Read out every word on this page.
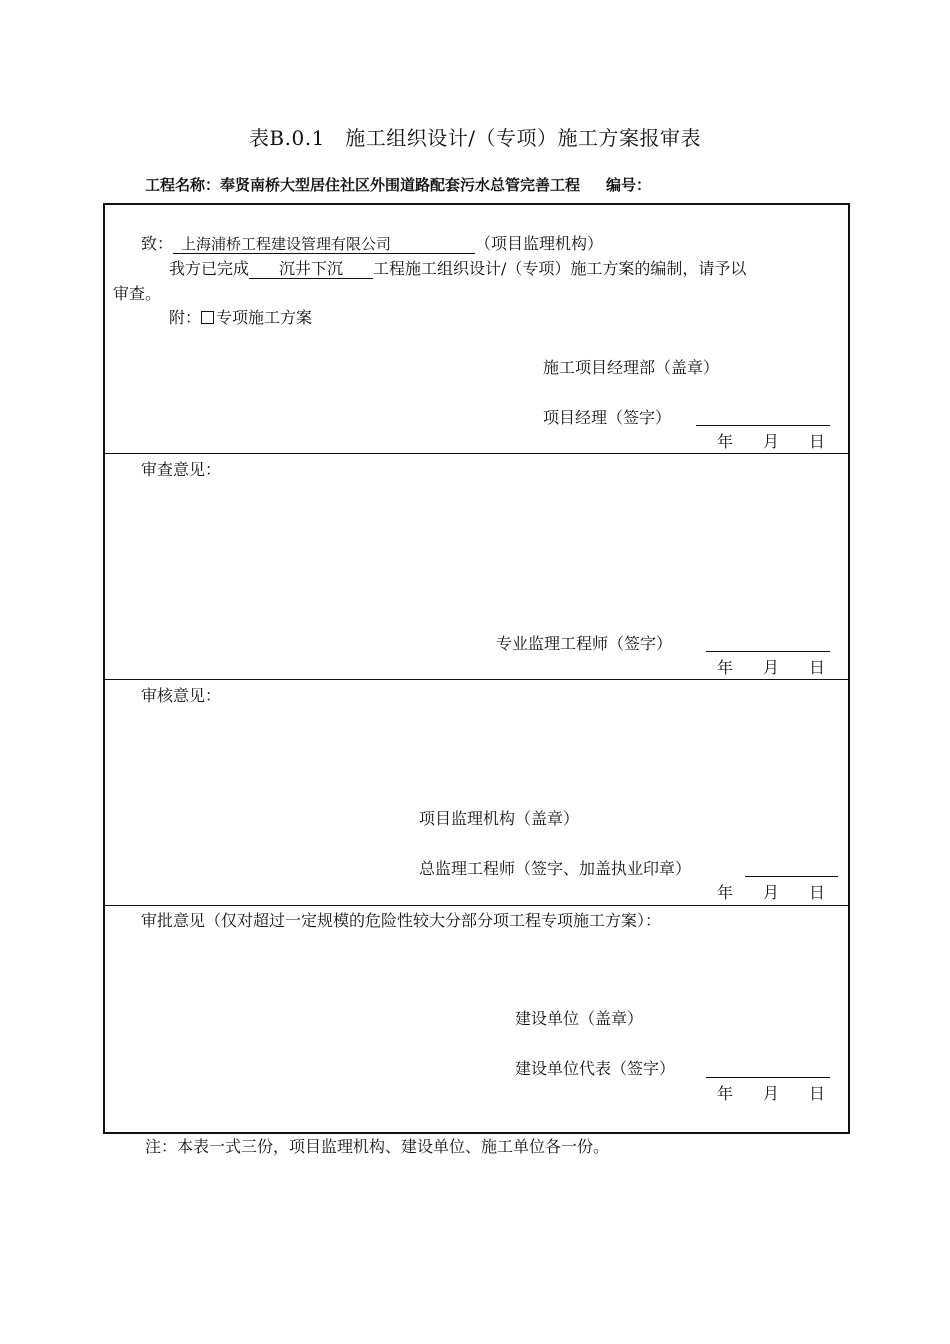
表B.0.1　施工组织设计/（专项）施工方案报审表
工程名称：奉贤南桥大型居住社区外围道路配套污水总管完善工程 编号：
致： 上海浦桥工程建设管理有限公司	（项目监理机构）
我方已完成 沉井下沉 工程施工组织设计/（专项）施工方案的编制，请予以
审查。
附： 专项施工方案
施工项目经理部（盖章）
项目经理（签字）
年 月 日
审查意见：
专业监理工程师（签字）
年 月 日
审核意见：
项目监理机构（盖章）
总监理工程师（签字、加盖执业印章）
年 月 日
审批意见（仅对超过一定规模的危险性较大分部分项工程专项施工方案）：
建设单位（盖章）
建设单位代表（签字）
年 月 日
注：本表一式三份，项目监理机构、建设单位、施工单位各一份。
